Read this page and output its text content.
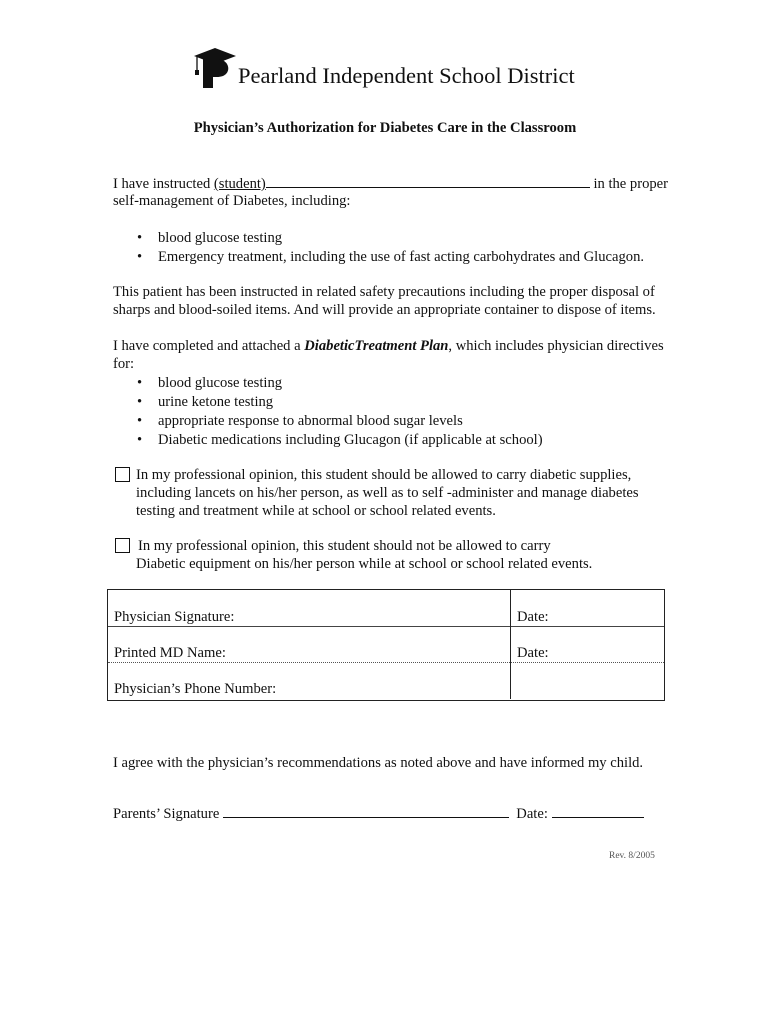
Pearland Independent School District
Physician’s Authorization for Diabetes Care in the Classroom
I have instructed (student)	in the proper
self-management of Diabetes, including:
• blood glucose testing
• Emergency treatment, including the use of fast acting carbohydrates and Glucagon.
This patient has been instructed in related safety precautions including the proper disposal of
sharps and blood-soiled items. And will provide an appropriate container to dispose of items.
I have completed and attached a DiabeticTreatment Plan, which includes physician directives
for:
• blood glucose testing
• urine ketone testing
• appropriate response to abnormal blood sugar levels
• Diabetic medications including Glucagon (if applicable at school)
In my professional opinion, this student should be allowed to carry diabetic supplies,
including lancets on his/her person, as well as to self -administer and manage diabetes
testing and treatment while at school or school related events.
In my professional opinion, this student should not be allowed to carry
Diabetic equipment on his/her person while at school or school related events.
Physician Signature:	Date:
Printed MD Name:	Date:
Physician’s Phone Number:
I agree with the physician’s recommendations as noted above and have informed my child.
Parents’ Signature	Date:
Rev. 8/2005
